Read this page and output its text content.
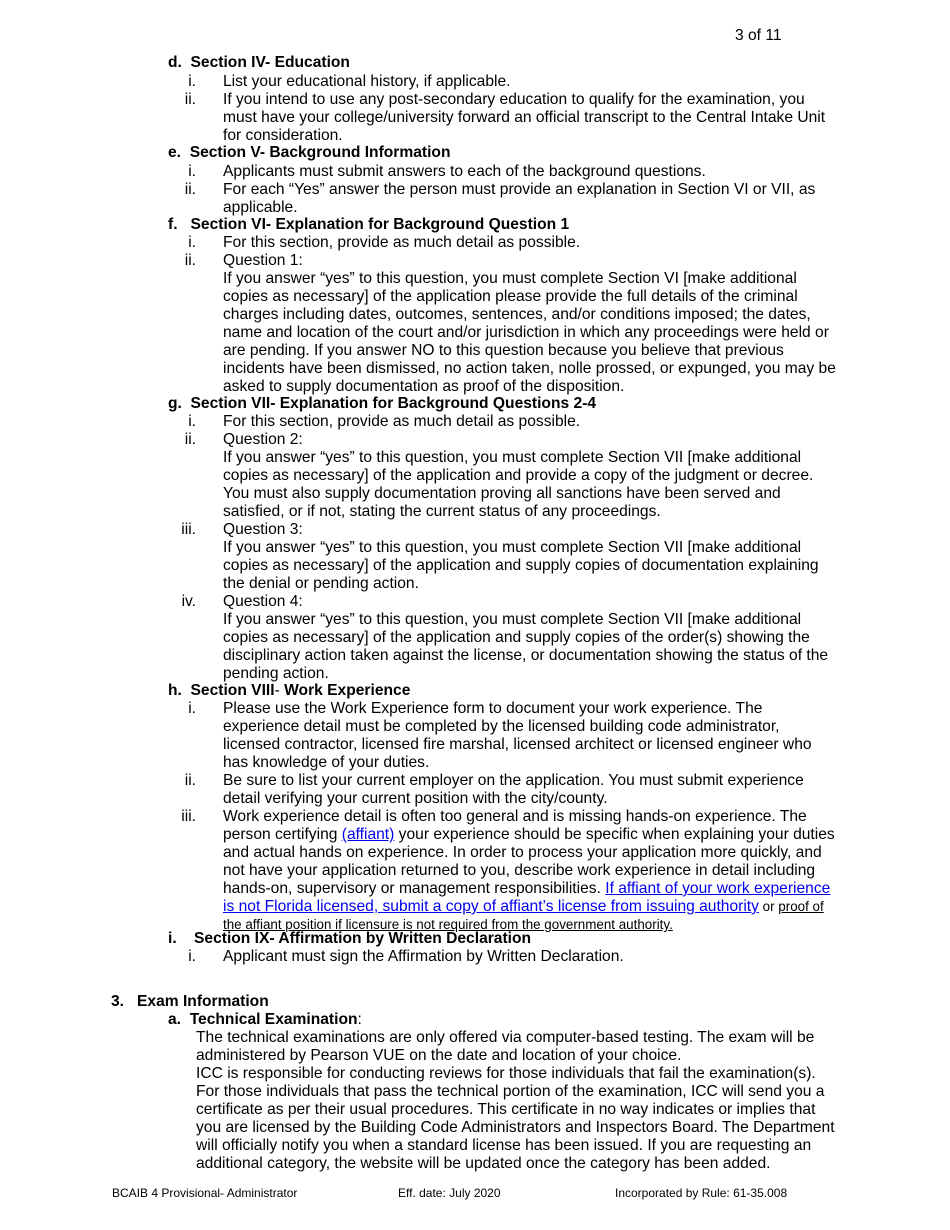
3 of 11
d. Section IV- Education
i. List your educational history, if applicable.
ii. If you intend to use any post-secondary education to qualify for the examination, you
must have your college/university forward an official transcript to the Central Intake Unit
for consideration.
e. Section V- Background Information
i. Applicants must submit answers to each of the background questions.
ii. For each “Yes” answer the person must provide an explanation in Section VI or VII, as
applicable.
f. Section VI- Explanation for Background Question 1
i. For this section, provide as much detail as possible.
ii. Question 1:
If you answer “yes” to this question, you must complete Section VI [make additional
copies as necessary] of the application please provide the full details of the criminal
charges including dates, outcomes, sentences, and/or conditions imposed; the dates,
name and location of the court and/or jurisdiction in which any proceedings were held or
are pending. If you answer NO to this question because you believe that previous
incidents have been dismissed, no action taken, nolle prossed, or expunged, you may be
asked to supply documentation as proof of the disposition.
g. Section VII- Explanation for Background Questions 2-4
i. For this section, provide as much detail as possible.
ii. Question 2:
If you answer “yes” to this question, you must complete Section VII [make additional
copies as necessary] of the application and provide a copy of the judgment or decree.
You must also supply documentation proving all sanctions have been served and
satisfied, or if not, stating the current status of any proceedings.
iii. Question 3:
If you answer “yes” to this question, you must complete Section VII [make additional
copies as necessary] of the application and supply copies of documentation explaining
the denial or pending action.
iv. Question 4:
If you answer “yes” to this question, you must complete Section VII [make additional
copies as necessary] of the application and supply copies of the order(s) showing the
disciplinary action taken against the license, or documentation showing the status of the
pending action.
h. Section VIII- Work Experience
i. Please use the Work Experience form to document your work experience. The
experience detail must be completed by the licensed building code administrator,
licensed contractor, licensed fire marshal, licensed architect or licensed engineer who
has knowledge of your duties.
ii. Be sure to list your current employer on the application. You must submit experience
detail verifying your current position with the city/county.
iii. Work experience detail is often too general and is missing hands-on experience. The
person certifying (affiant) your experience should be specific when explaining your duties
and actual hands on experience. In order to process your application more quickly, and
not have your application returned to you, describe work experience in detail including
hands-on, supervisory or management responsibilities. If affiant of your work experience
is not Florida licensed, submit a copy of affiant’s license from issuing authority or proof of
the affiant position if licensure is not required from the government authority.
i. Section IX- Affirmation by Written Declaration
i. Applicant must sign the Affirmation by Written Declaration.
3. Exam Information
a. Technical Examination:
The technical examinations are only offered via computer-based testing. The exam will be
administered by Pearson VUE on the date and location of your choice.
ICC is responsible for conducting reviews for those individuals that fail the examination(s).
For those individuals that pass the technical portion of the examination, ICC will send you a
certificate as per their usual procedures. This certificate in no way indicates or implies that
you are licensed by the Building Code Administrators and Inspectors Board. The Department
will officially notify you when a standard license has been issued. If you are requesting an
additional category, the website will be updated once the category has been added.
BCAIB 4 Provisional- Administrator	Eff. date: July 2020	Incorporated by Rule: 61-35.008
